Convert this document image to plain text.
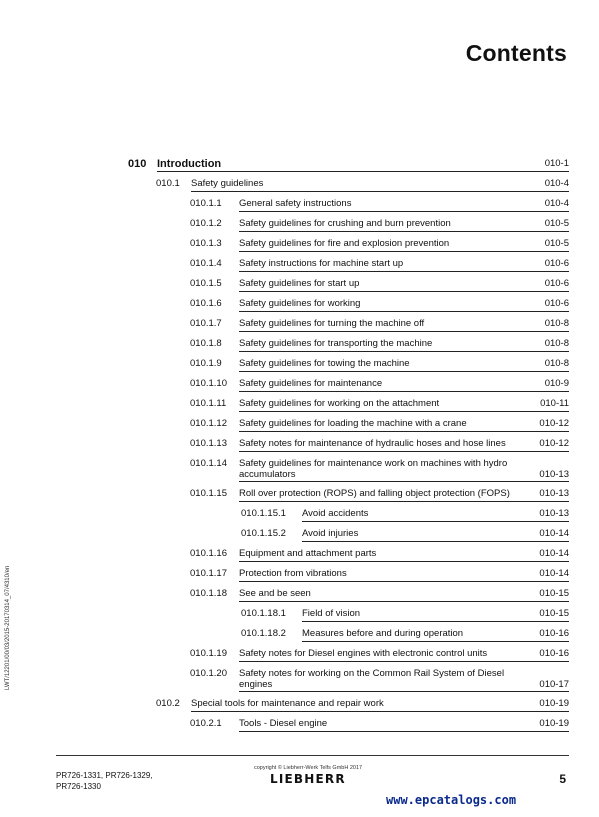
Contents
010 Introduction	010-1
010.1 Safety guidelines	010-4
010.1.1 General safety instructions	010-4
010.1.2 Safety guidelines for crushing and burn prevention	010-5
010.1.3 Safety guidelines for fire and explosion prevention	010-5
010.1.4 Safety instructions for machine start up	010-6
010.1.5 Safety guidelines for start up	010-6
010.1.6 Safety guidelines for working	010-6
010.1.7 Safety guidelines for turning the machine off	010-8
010.1.8 Safety guidelines for transporting the machine	010-8
010.1.9 Safety guidelines for towing the machine	010-8
010.1.10 Safety guidelines for maintenance	010-9
010.1.11 Safety guidelines for working on the attachment	010-11
010.1.12 Safety guidelines for loading the machine with a crane	010-12
010.1.13 Safety notes for maintenance of hydraulic hoses and hose lines	010-12
010.1.14 Safety guidelines for maintenance work on machines with hydro accumulators	010-13
010.1.15 Roll over protection (ROPS) and falling object protection (FOPS)	010-13
010.1.15.1 Avoid accidents	010-13
010.1.15.2 Avoid injuries	010-14
010.1.16 Equipment and attachment parts	010-14
010.1.17 Protection from vibrations	010-14
010.1.18 See and be seen	010-15
010.1.18.1 Field of vision	010-15
010.1.18.2 Measures before and during operation	010-16
010.1.19 Safety notes for Diesel engines with electronic control units	010-16
010.1.20 Safety notes for working on the Common Rail System of Diesel engines	010-17
010.2 Special tools for maintenance and repair work	010-19
010.2.1 Tools - Diesel engine	010-19
LWT/12201/00/03/2015-20170314_07/4310/en
PR726-1331, PR726-1329, PR726-1330
copyright © Liebherr-Werk Telfs GmbH 2017
LIEBHERR	5
www.epcatalogs.com
